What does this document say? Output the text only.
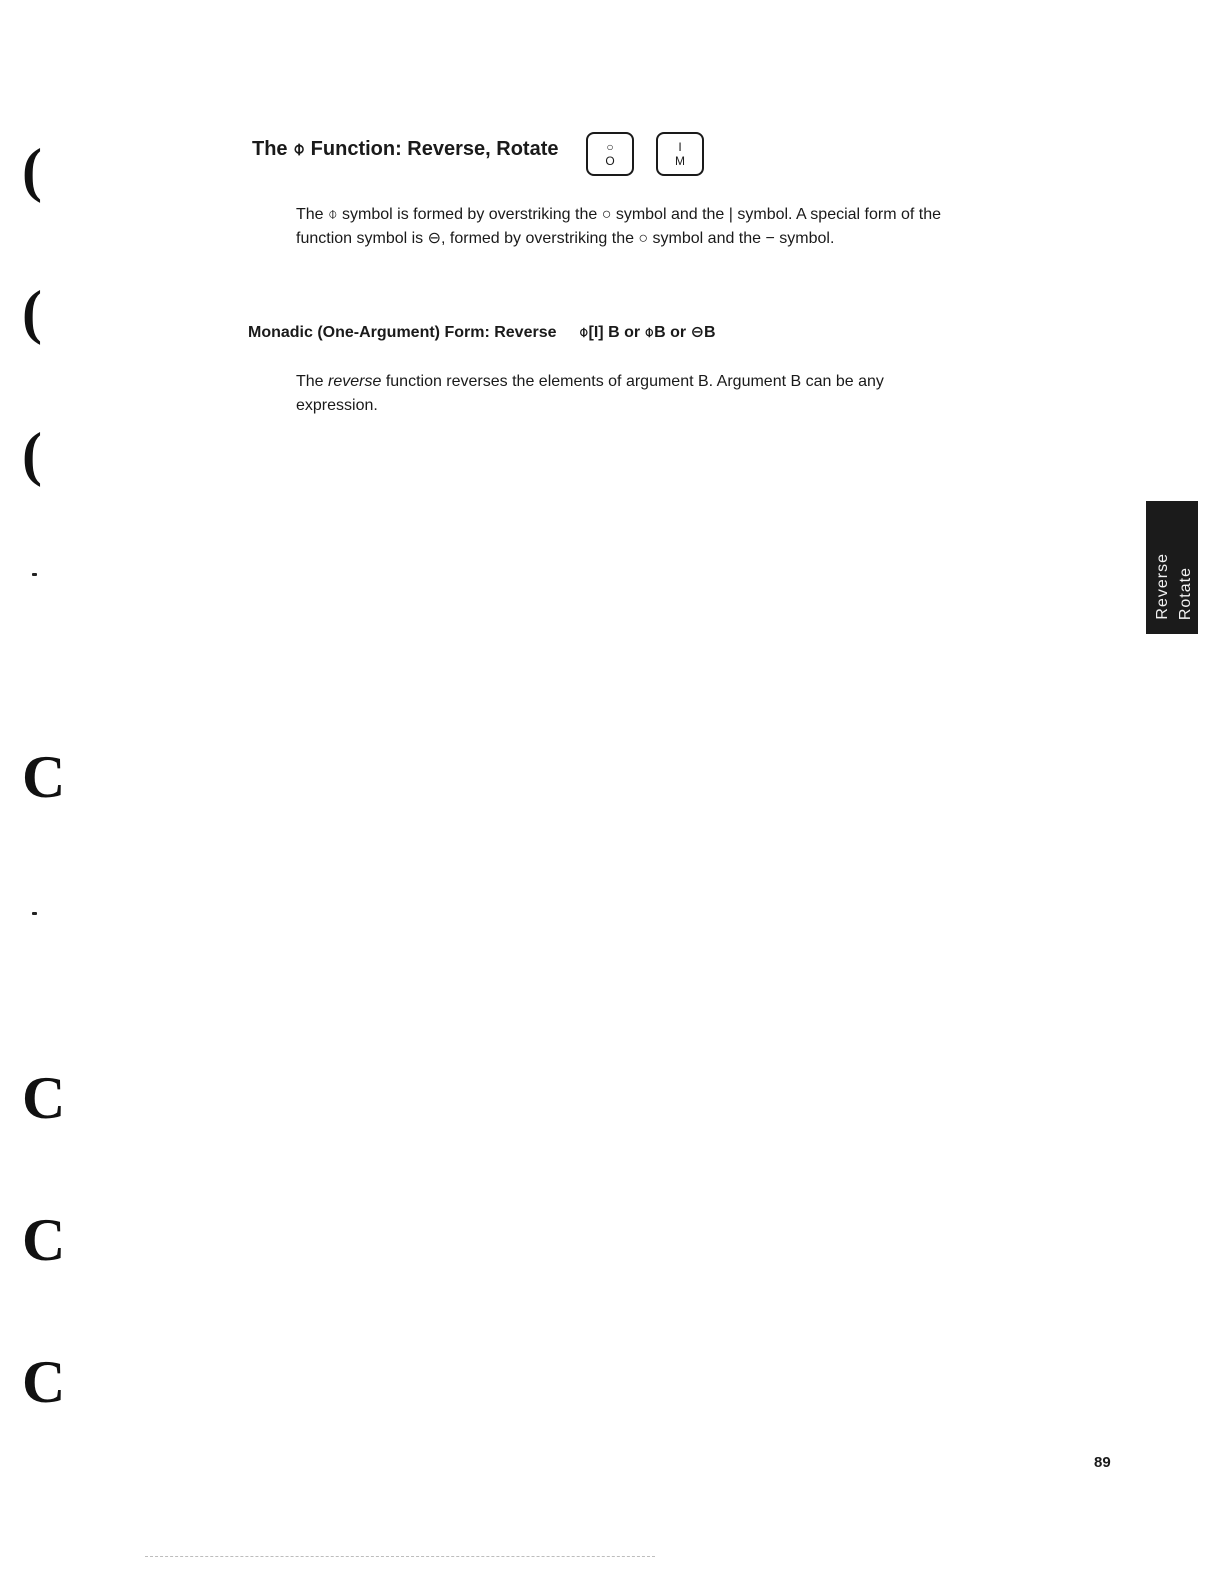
(
(
(
C
C
C
C
The ⌽ Function: Reverse, Rotate	○
O
I
M
The ⌽ symbol is formed by overstriking the ○ symbol and the | symbol. A special form of the function symbol is ⊖, formed by overstriking the ○ symbol and the − symbol.
Monadic (One-Argument) Form: Reverse ⌽[I] B or ⌽B or ⊖B
The reverse function reverses the elements of argument B. Argument B can be any expression.
Reverse Rotate
89
